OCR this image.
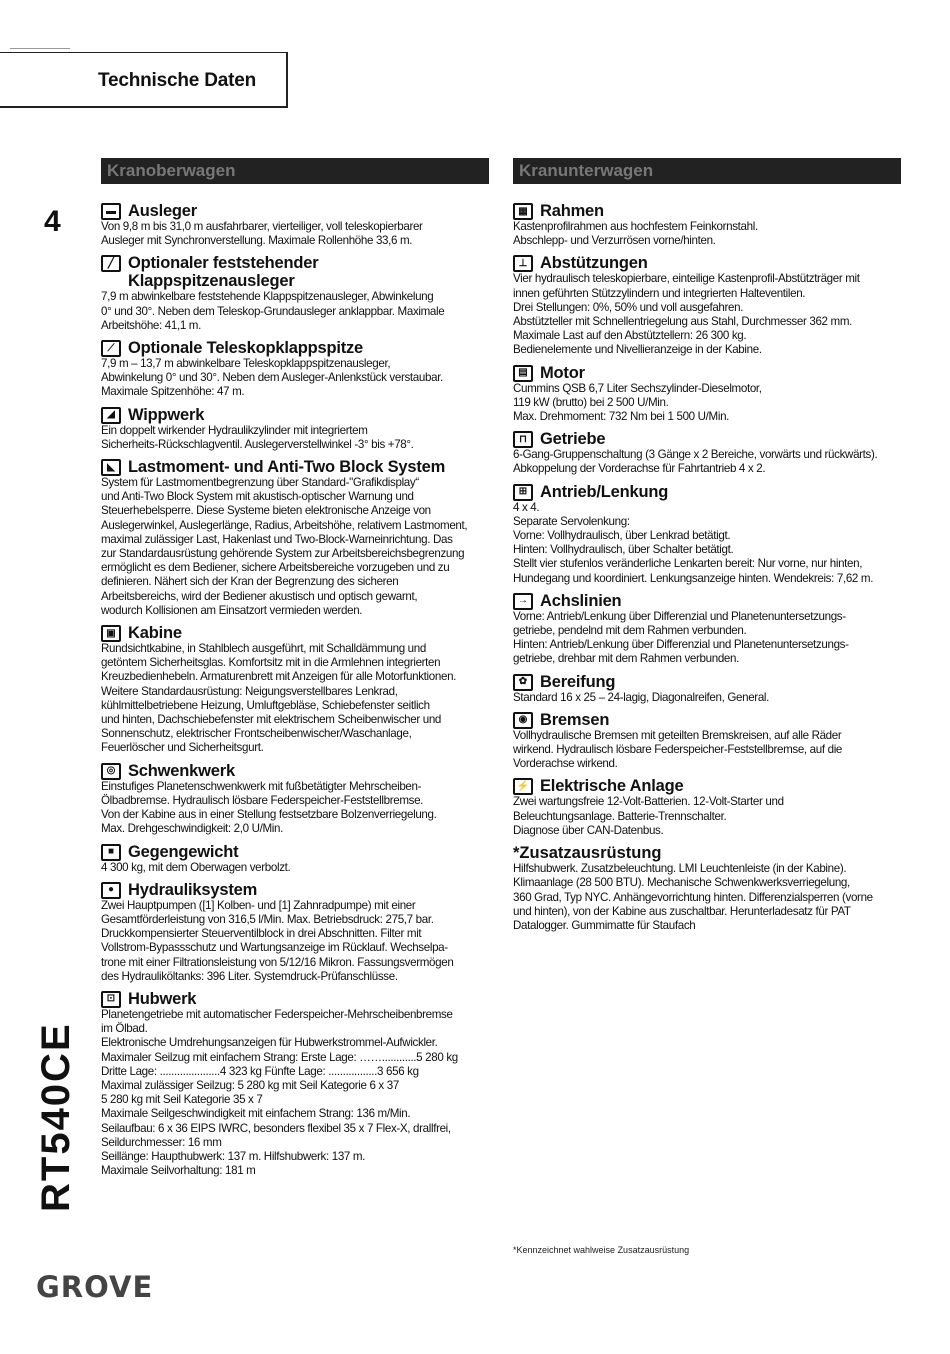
Technische Daten
Kranoberwagen	Kranunterwagen
4	▬ Ausleger
Von 9,8 m bis 31,0 m ausfahrbarer, vierteiliger, voll teleskopierbarer
Ausleger mit Synchronverstellung. Maximale Rollenhöhe 33,6 m.
╱ Optionaler feststehender
Klappspitzenausleger
7,9 m abwinkelbare feststehende Klappspitzenausleger, Abwinkelung
0° und 30°. Neben dem Teleskop-Grundausleger anklappbar. Maximale
Arbeitshöhe: 41,1 m.
⟋ Optionale Teleskopklappspitze
7,9 m – 13,7 m abwinkelbare Teleskopklappspitzenausleger,
Abwinkelung 0° und 30°. Neben dem Ausleger-Anlenkstück verstaubar.
Maximale Spitzenhöhe: 47 m.
◢ Wippwerk
Ein doppelt wirkender Hydraulikzylinder mit integriertem
Sicherheits-Rückschlagventil. Auslegerverstellwinkel -3° bis +78°.
◣ Lastmoment- und Anti-Two Block System
System für Lastmomentbegrenzung über Standard-"Grafikdisplay“
und Anti-Two Block System mit akustisch-optischer Warnung und
Steuerhebelsperre. Diese Systeme bieten elektronische Anzeige von
Auslegerwinkel, Auslegerlänge, Radius, Arbeitshöhe, relativem Lastmoment,
maximal zulässiger Last, Hakenlast und Two-Block-Warneinrichtung. Das
zur Standardausrüstung gehörende System zur Arbeitsbereichsbegrenzung
ermöglicht es dem Bediener, sichere Arbeitsbereiche vorzugeben und zu
definieren. Nähert sich der Kran der Begrenzung des sicheren
Arbeitsbereichs, wird der Bediener akustisch und optisch gewarnt,
wodurch Kollisionen am Einsatzort vermieden werden.
▣ Kabine
Rundsichtkabine, in Stahlblech ausgeführt, mit Schalldämmung und
getöntem Sicherheitsglas. Komfortsitz mit in die Armlehnen integrierten
Kreuzbedienhebeln. Armaturenbrett mit Anzeigen für alle Motorfunktionen.
Weitere Standardausrüstung: Neigungsverstellbares Lenkrad,
kühlmittelbetriebene Heizung, Umluftgebläse, Schiebefenster seitlich
und hinten, Dachschiebefenster mit elektrischem Scheibenwischer und
Sonnenschutz, elektrischer Frontscheibenwischer/Waschanlage,
Feuerlöscher und Sicherheitsgurt.
◎ Schwenkwerk
Einstufiges Planetenschwenkwerk mit fußbetätigter Mehrscheiben-
Ölbadbremse. Hydraulisch lösbare Federspeicher-Feststellbremse.
Von der Kabine aus in einer Stellung festsetzbare Bolzenverriegelung.
Max. Drehgeschwindigkeit: 2,0 U/Min.
■ Gegengewicht
4 300 kg, mit dem Oberwagen verbolzt.
● Hydrauliksystem
Zwei Hauptpumpen ([1] Kolben- und [1] Zahnradpumpe) mit einer
Gesamtförderleistung von 316,5 l/Min. Max. Betriebsdruck: 275,7 bar.
Druckkompensierter Steuerventilblock in drei Abschnitten. Filter mit
Vollstrom-Bypassschutz und Wartungsanzeige im Rücklauf. Wechselpa-
trone mit einer Filtrationsleistung von 5/12/16 Mikron. Fassungsvermögen
des Hydrauliköltanks: 396 Liter. Systemdruck-Prüfanschlüsse.
⊡ Hubwerk
Planetengetriebe mit automatischer Federspeicher-Mehrscheibenbremse
im Ölbad.
Elektronische Umdrehungsanzeigen für Hubwerkstrommel-Aufwickler.
Maximaler Seilzug mit einfachem Strang: Erste Lage: ……............5 280 kg
Dritte Lage: .....................4 323 kg Fünfte Lage: .................3 656 kg
Maximal zulässiger Seilzug: 5 280 kg mit Seil Kategorie 6 x 37
5 280 kg mit Seil Kategorie 35 x 7
Maximale Seilgeschwindigkeit mit einfachem Strang: 136 m/Min.
Seilaufbau: 6 x 36 EIPS IWRC, besonders flexibel 35 x 7 Flex-X, drallfrei,
Seildurchmesser: 16 mm
Seillänge: Haupthubwerk: 137 m. Hilfshubwerk: 137 m.
Maximale Seilvorhaltung: 181 m
▦ Rahmen
Kastenprofilrahmen aus hochfestem Feinkornstahl.
Abschlepp- und Verzurrösen vorne/hinten.
⊥ Abstützungen
Vier hydraulisch teleskopierbare, einteilige Kastenprofil-Abstützträger mit
innen geführten Stützzylindern und integrierten Halteventilen.
Drei Stellungen: 0%, 50% und voll ausgefahren.
Abstützteller mit Schnellentriegelung aus Stahl, Durchmesser 362 mm.
Maximale Last auf den Abstütztellern: 26 300 kg.
Bedienelemente und Nivellieranzeige in der Kabine.
▤ Motor
Cummins QSB 6,7 Liter Sechszylinder-Dieselmotor,
119 kW (brutto) bei 2 500 U/Min.
Max. Drehmoment: 732 Nm bei 1 500 U/Min.
⊓ Getriebe
6-Gang-Gruppenschaltung (3 Gänge x 2 Bereiche, vorwärts und rückwärts).
Abkoppelung der Vorderachse für Fahrtantrieb 4 x 2.
⊞ Antrieb/Lenkung
4 x 4.
Separate Servolenkung:
Vorne: Vollhydraulisch, über Lenkrad betätigt.
Hinten: Vollhydraulisch, über Schalter betätigt.
Stellt vier stufenlos veränderliche Lenkarten bereit: Nur vorne, nur hinten,
Hundegang und koordiniert. Lenkungsanzeige hinten. Wendekreis: 7,62 m.
→ Achslinien
Vorne: Antrieb/Lenkung über Differenzial und Planetenuntersetzungs-
getriebe, pendelnd mit dem Rahmen verbunden.
Hinten: Antrieb/Lenkung über Differenzial und Planetenuntersetzungs-
getriebe, drehbar mit dem Rahmen verbunden.
✿ Bereifung
Standard 16 x 25 – 24-lagig, Diagonalreifen, General.
◉ Bremsen
Vollhydraulische Bremsen mit geteilten Bremskreisen, auf alle Räder
wirkend. Hydraulisch lösbare Federspeicher-Feststellbremse, auf die
Vorderachse wirkend.
⚡ Elektrische Anlage
Zwei wartungsfreie 12-Volt-Batterien. 12-Volt-Starter und
Beleuchtungsanlage. Batterie-Trennschalter.
Diagnose über CAN-Datenbus.
*Zusatzausrüstung
Hilfshubwerk. Zusatzbeleuchtung. LMI Leuchtenleiste (in der Kabine).
Klimaanlage (28 500 BTU). Mechanische Schwenkwerksverriegelung,
360 Grad, Typ NYC. Anhängevorrichtung hinten. Differenzialsperren (vorne
und hinten), von der Kabine aus zuschaltbar. Herunterladesatz für PAT
Datalogger. Gummimatte für Staufach
RT540CE
GROVE
*Kennzeichnet wahlweise Zusatzausrüstung
